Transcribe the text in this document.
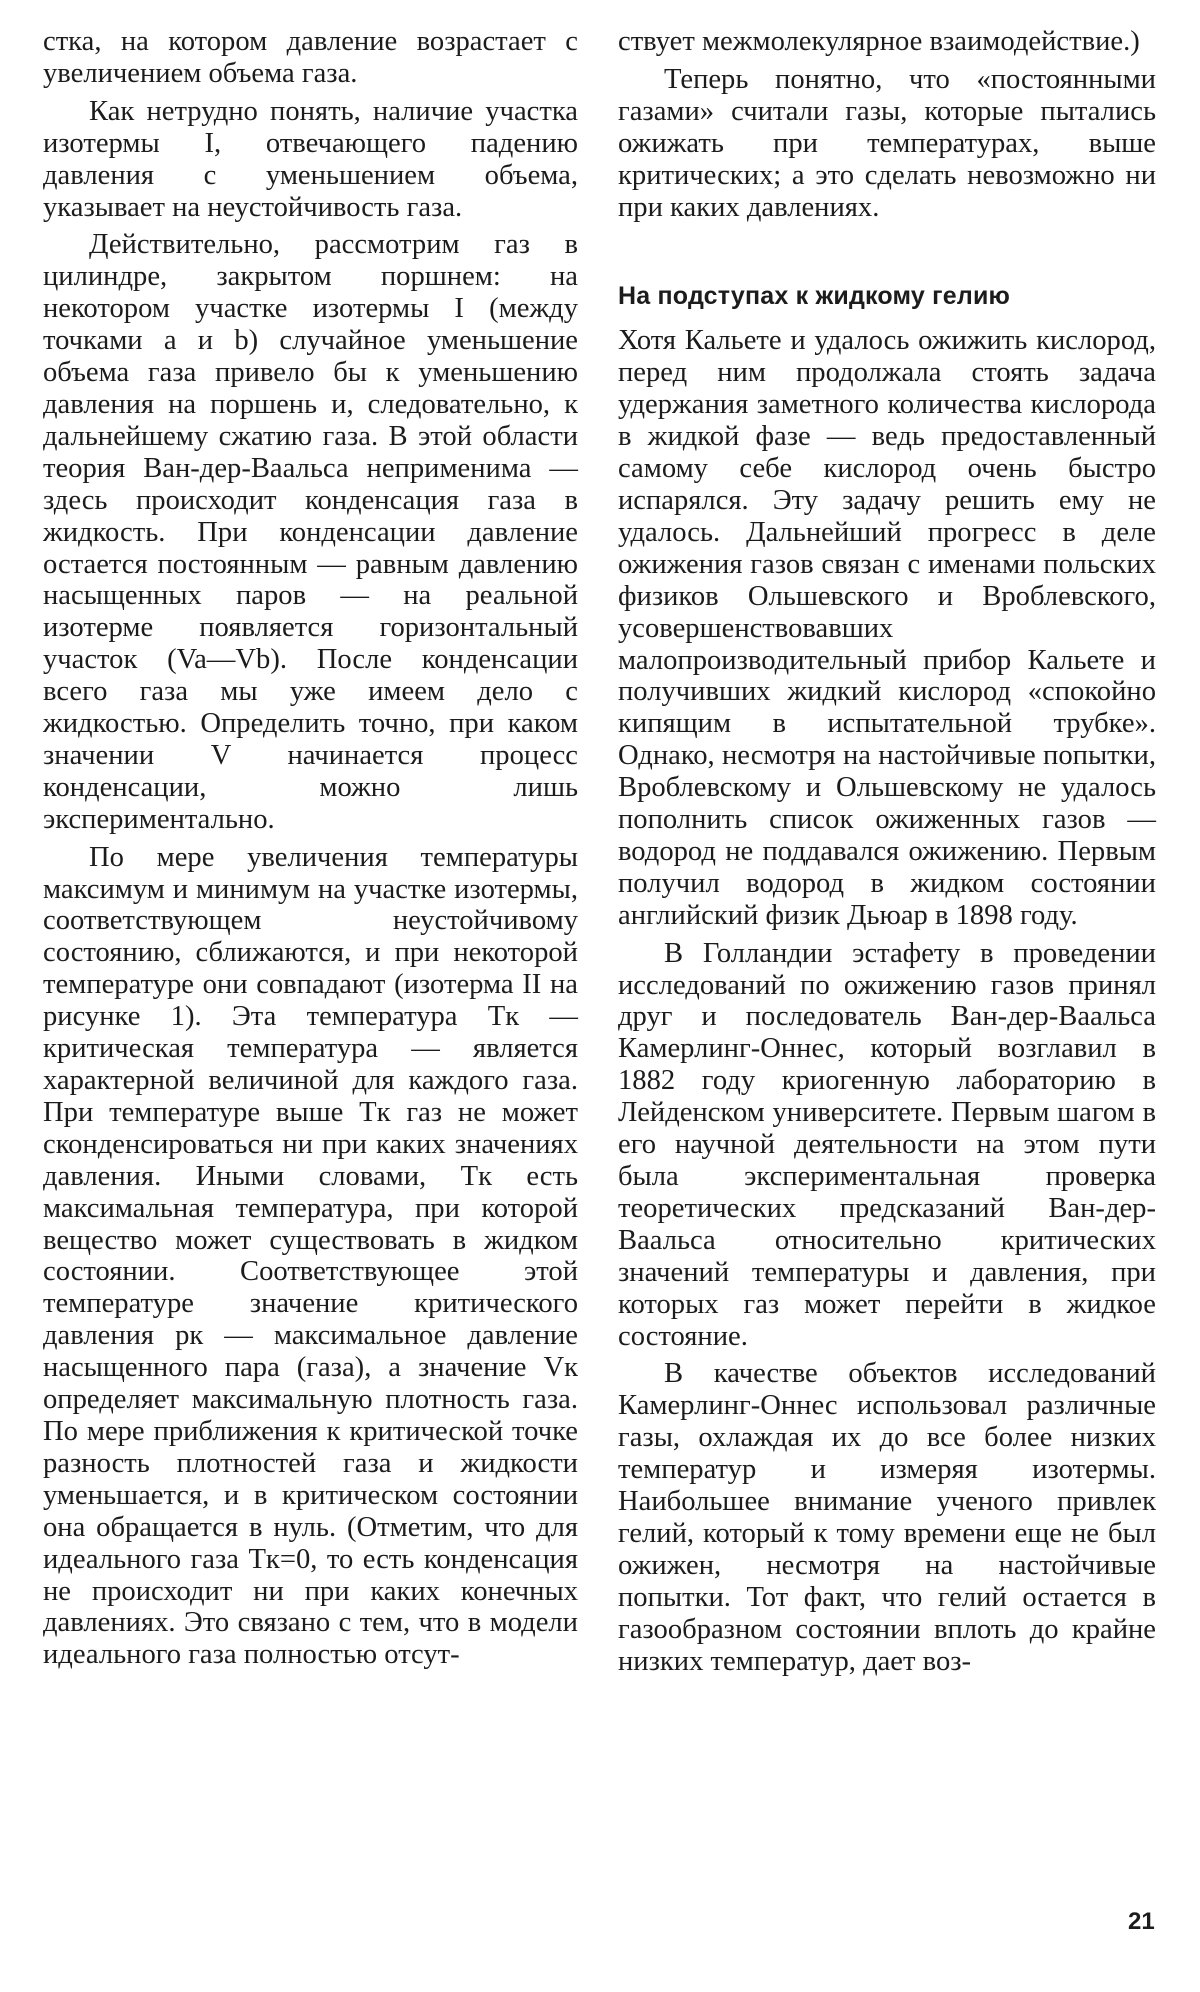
стка, на котором давление возрастает с увеличением объема газа.

Как нетрудно понять, наличие участка изотермы I, отвечающего падению давления с уменьшением объема, указывает на неустойчивость газа.

Действительно, рассмотрим газ в цилиндре, закрытом поршнем: на некотором участке изотермы I (между точками a и b) случайное уменьшение объема газа привело бы к уменьшению давления на поршень и, следовательно, к дальнейшему сжатию газа. В этой области теория Ван-дер-Ваальса неприменима — здесь происходит конденсация газа в жидкость. При конденсации давление остается постоянным — равным давлению насыщенных паров — на реальной изотерме появляется горизонтальный участок (Va—Vb). После конденсации всего газа мы уже имеем дело с жидкостью. Определить точно, при каком значении V начинается процесс конденсации, можно лишь экспериментально.

По мере увеличения температуры максимум и минимум на участке изотермы, соответствующем неустойчивому состоянию, сближаются, и при некоторой температуре они совпадают (изотерма II на рисунке 1). Эта температура Tк — критическая температура — является характерной величиной для каждого газа. При температуре выше Tк газ не может сконденсироваться ни при каких значениях давления. Иными словами, Tк есть максимальная температура, при которой вещество может существовать в жидком состоянии. Соответствующее этой температуре значение критического давления pк — максимальное давление насыщенного пара (газа), а значение Vк определяет максимальную плотность газа. По мере приближения к критической точке разность плотностей газа и жидкости уменьшается, и в критическом состоянии она обращается в нуль. (Отметим, что для идеального газа Tк=0, то есть конденсация не происходит ни при каких конечных давлениях. Это связано с тем, что в модели идеального газа полностью отсут-

ствует межмолекулярное взаимодействие.)

Теперь понятно, что «постоянными газами» считали газы, которые пытались ожижать при температурах, выше критических; а это сделать невозможно ни при каких давлениях.

На подступах к жидкому гелию

Хотя Кальете и удалось ожижить кислород, перед ним продолжала стоять задача удержания заметного количества кислорода в жидкой фазе — ведь предоставленный самому себе кислород очень быстро испарялся. Эту задачу решить ему не удалось. Дальнейший прогресс в деле ожижения газов связан с именами польских физиков Ольшевского и Вроблевского, усовершенствовавших малопроизводительный прибор Кальете и получивших жидкий кислород «спокойно кипящим в испытательной трубке». Однако, несмотря на настойчивые попытки, Вроблевскому и Ольшевскому не удалось пополнить список ожиженных газов — водород не поддавался ожижению. Первым получил водород в жидком состоянии английский физик Дьюар в 1898 году.

В Голландии эстафету в проведении исследований по ожижению газов принял друг и последователь Ван-дер-Ваальса Камерлинг-Оннес, который возглавил в 1882 году криогенную лабораторию в Лейденском университете. Первым шагом в его научной деятельности на этом пути была экспериментальная проверка теоретических предсказаний Ван-дер-Ваальса относительно критических значений температуры и давления, при которых газ может перейти в жидкое состояние.

В качестве объектов исследований Камерлинг-Оннес использовал различные газы, охлаждая их до все более низких температур и измеряя изотермы. Наибольшее внимание ученого привлек гелий, который к тому времени еще не был ожижен, несмотря на настойчивые попытки. Тот факт, что гелий остается в газообразном состоянии вплоть до крайне низких температур, дает воз-

21
